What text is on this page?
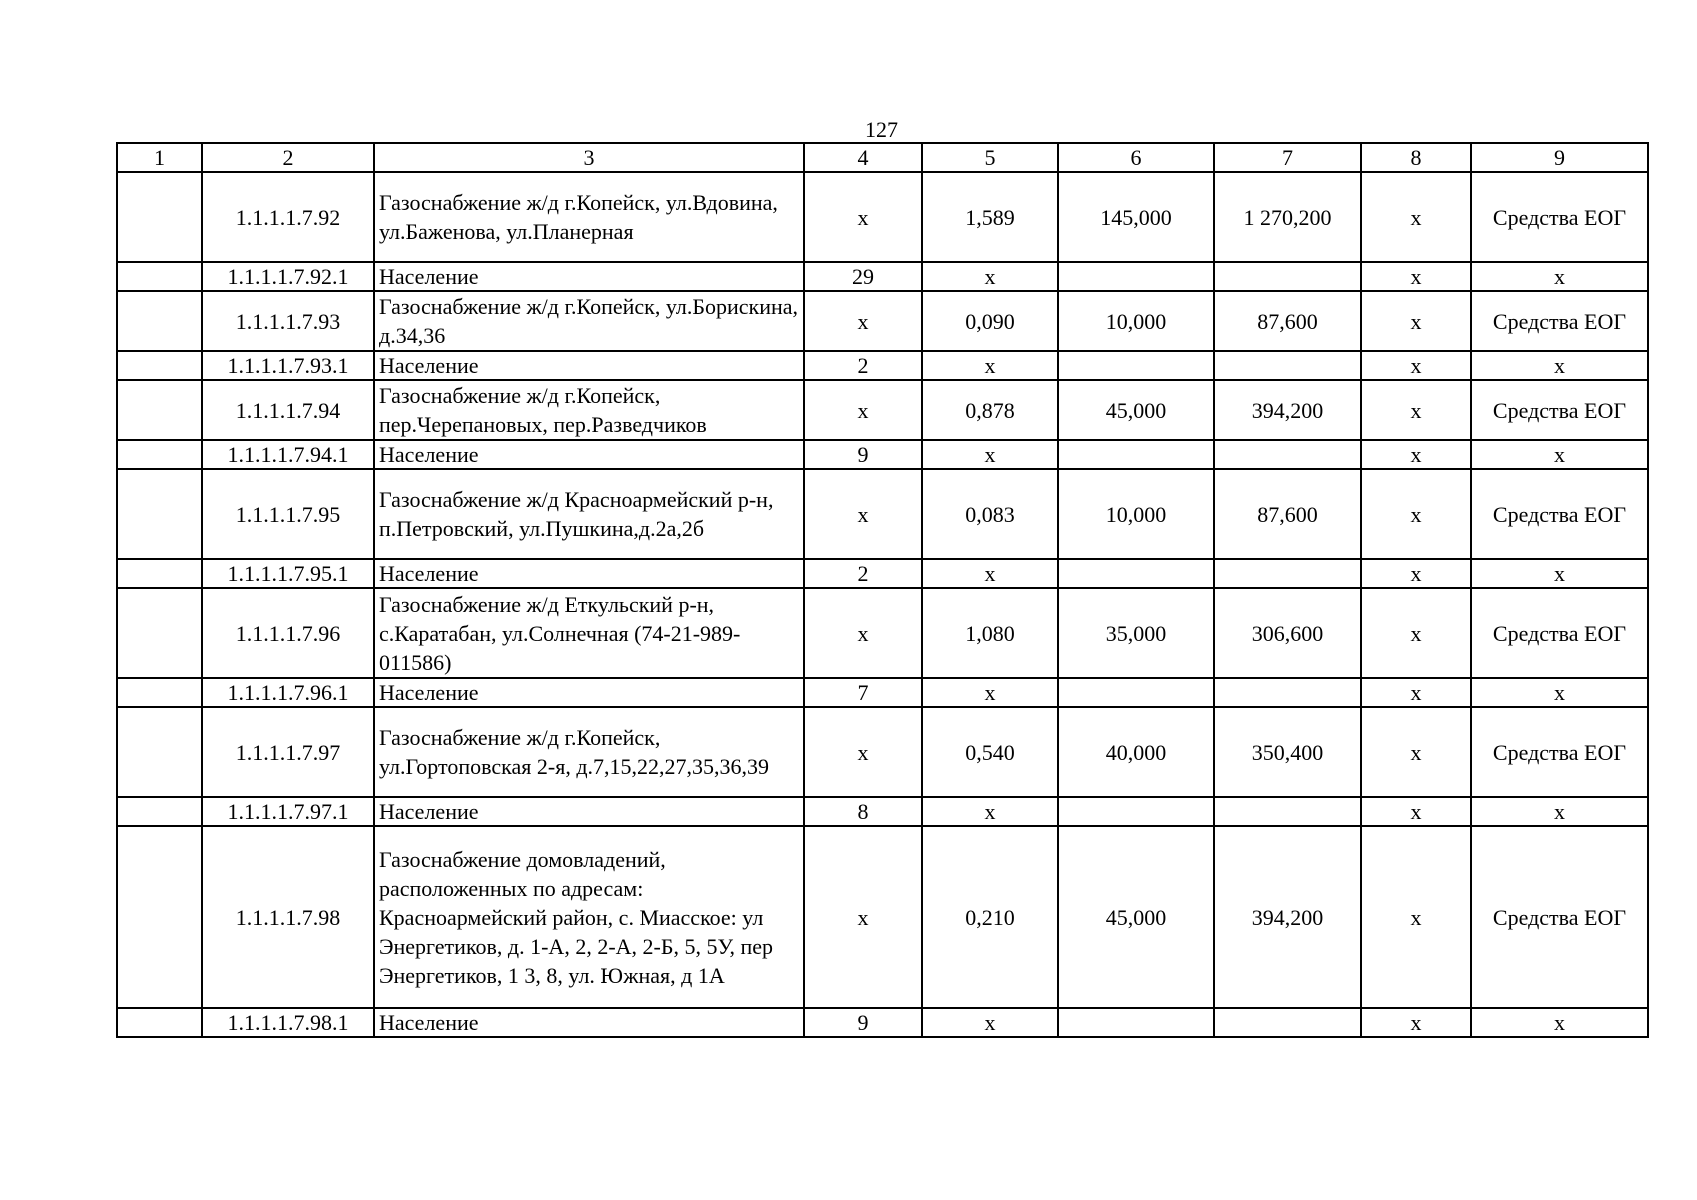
127
1	2	3	4	5	6	7	8	9
	1.1.1.1.7.92	Газоснабжение ж/д г.Копейск, ул.Вдовина, ул.Баженова, ул.Планерная	x	1,589	145,000	1 270,200	x	Средства ЕОГ
	1.1.1.1.7.92.1	Население	29	x			x	x
	1.1.1.1.7.93	Газоснабжение ж/д г.Копейск, ул.Борискина, д.34,36	x	0,090	10,000	87,600	x	Средства ЕОГ
	1.1.1.1.7.93.1	Население	2	x			x	x
	1.1.1.1.7.94	Газоснабжение ж/д г.Копейск, пер.Черепановых, пер.Разведчиков	x	0,878	45,000	394,200	x	Средства ЕОГ
	1.1.1.1.7.94.1	Население	9	x			x	x
	1.1.1.1.7.95	Газоснабжение ж/д Красноармейский р-н, п.Петровский, ул.Пушкина,д.2а,2б	x	0,083	10,000	87,600	x	Средства ЕОГ
	1.1.1.1.7.95.1	Население	2	x			x	x
	1.1.1.1.7.96	Газоснабжение ж/д Еткульский р-н, с.Каратабан, ул.Солнечная (74-21-989-011586)	x	1,080	35,000	306,600	x	Средства ЕОГ
	1.1.1.1.7.96.1	Население	7	x			x	x
	1.1.1.1.7.97	Газоснабжение ж/д г.Копейск, ул.Гортоповская 2-я, д.7,15,22,27,35,36,39	x	0,540	40,000	350,400	x	Средства ЕОГ
	1.1.1.1.7.97.1	Население	8	x			x	x
	1.1.1.1.7.98	Газоснабжение домовладений, расположенных по адресам: Красноармейский район, с. Миасское: ул Энергетиков, д. 1-А, 2, 2-А, 2-Б, 5, 5У, пер Энергетиков, 1 3, 8, ул. Южная, д 1А	x	0,210	45,000	394,200	x	Средства ЕОГ
	1.1.1.1.7.98.1	Население	9	x			x	x
